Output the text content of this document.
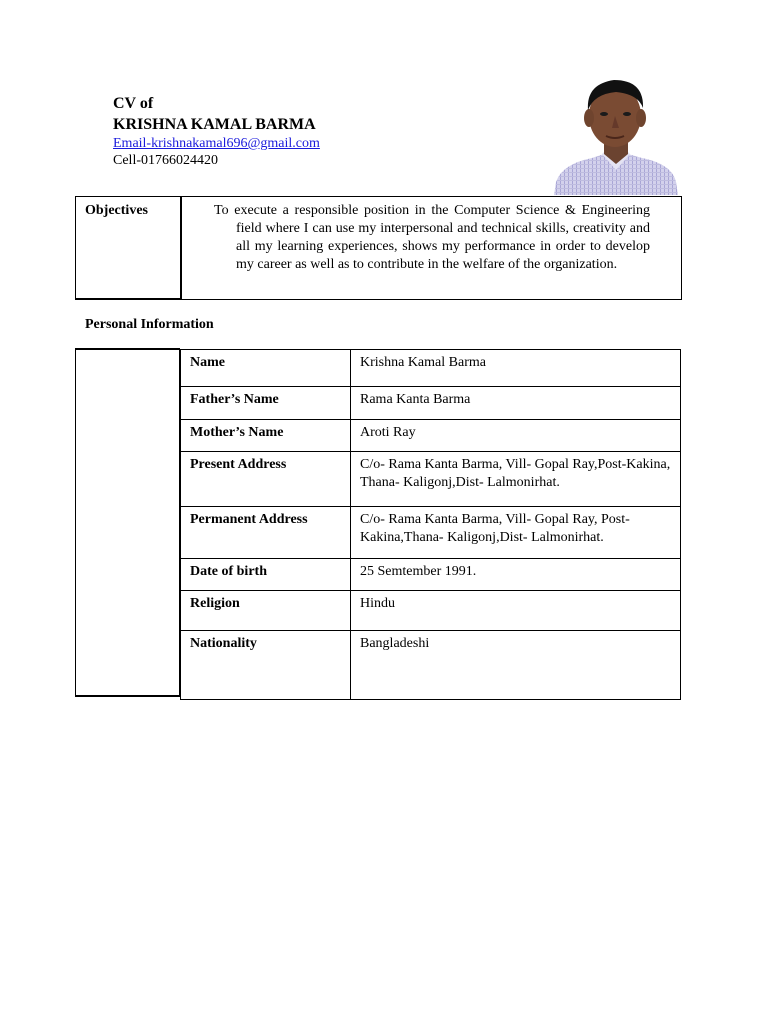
CV of
KRISHNA KAMAL BARMA
Email-krishnakamal696@gmail.com
Cell-01766024420
Objectives	To execute a responsible position in the Computer Science & Engineering field where I can use my interpersonal and technical skills, creativity and all my learning experiences, shows my performance in order to develop my career as well as to contribute in the welfare of the organization.
Personal Information
Name	Krishna Kamal Barma
Father’s Name	Rama Kanta Barma
Mother’s Name	Aroti Ray
Present Address	C/o- Rama Kanta Barma, Vill- Gopal Ray,Post-Kakina, Thana- Kaligonj,Dist- Lalmonirhat.
Permanent Address	C/o- Rama Kanta Barma, Vill- Gopal Ray, Post- Kakina,Thana- Kaligonj,Dist- Lalmonirhat.
Date of birth	25 Semtember 1991.
Religion	Hindu
Nationality	Bangladeshi
